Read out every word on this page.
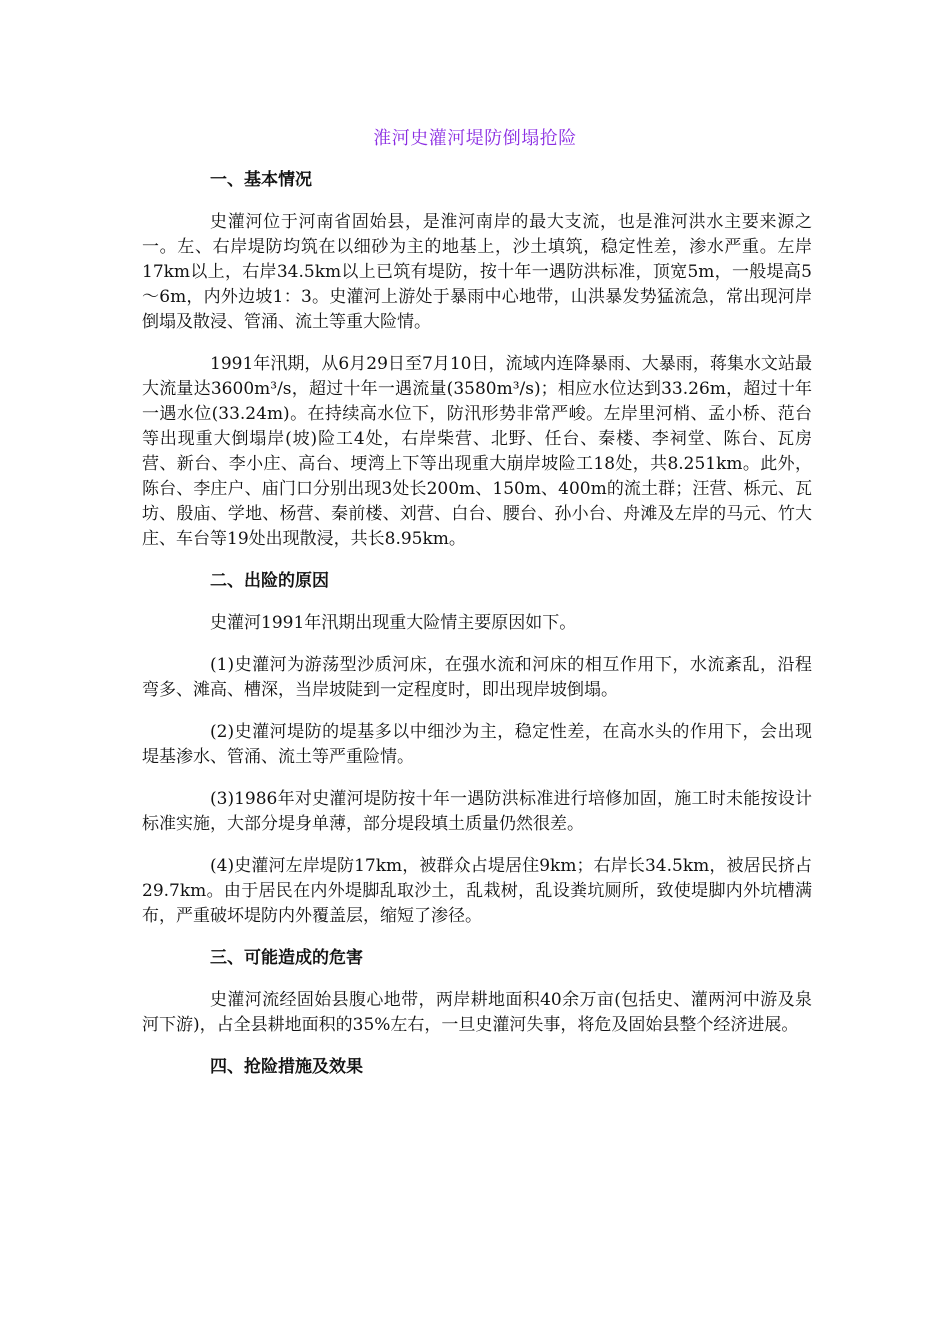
淮河史灌河堤防倒塌抢险
一、基本情况

史灌河位于河南省固始县，是淮河南岸的最大支流，也是淮河洪水主要来源之一。左、右岸堤防均筑在以细砂为主的地基上，沙土填筑，稳定性差，渗水严重。左岸17km以上，右岸34.5km以上已筑有堤防，按十年一遇防洪标准，顶宽5m，一般堤高5～6m，内外边坡1：3。史灌河上游处于暴雨中心地带，山洪暴发势猛流急，常出现河岸倒塌及散浸、管涌、流土等重大险情。

1991年汛期，从6月29日至7月10日，流域内连降暴雨、大暴雨，蒋集水文站最大流量达3600m³/s，超过十年一遇流量(3580m³/s)；相应水位达到33.26m，超过十年一遇水位(33.24m)。在持续高水位下，防汛形势非常严峻。左岸里河梢、孟小桥、范台等出现重大倒塌岸(坡)险工4处，右岸柴营、北野、任台、秦楼、李祠堂、陈台、瓦房营、新台、李小庄、高台、埂湾上下等出现重大崩岸坡险工18处，共8.251km。此外，陈台、李庄户、庙门口分别出现3处长200m、150m、400m的流土群；汪营、栎元、瓦坊、殷庙、学地、杨营、秦前楼、刘营、白台、腰台、孙小台、舟滩及左岸的马元、竹大庄、车台等19处出现散浸，共长8.95km。

二、出险的原因

史灌河1991年汛期出现重大险情主要原因如下。

(1)史灌河为游荡型沙质河床，在强水流和河床的相互作用下，水流紊乱，沿程弯多、滩高、槽深，当岸坡陡到一定程度时，即出现岸坡倒塌。

(2)史灌河堤防的堤基多以中细沙为主，稳定性差，在高水头的作用下，会出现堤基渗水、管涌、流土等严重险情。

(3)1986年对史灌河堤防按十年一遇防洪标准进行培修加固，施工时未能按设计标准实施，大部分堤身单薄，部分堤段填土质量仍然很差。

(4)史灌河左岸堤防17km，被群众占堤居住9km；右岸长34.5km，被居民挤占29.7km。由于居民在内外堤脚乱取沙土，乱栽树，乱设粪坑厕所，致使堤脚内外坑槽满布，严重破坏堤防内外覆盖层，缩短了渗径。

三、可能造成的危害

史灌河流经固始县腹心地带，两岸耕地面积40余万亩(包括史、灌两河中游及泉河下游)，占全县耕地面积的35%左右，一旦史灌河失事，将危及固始县整个经济进展。

四、抢险措施及效果
